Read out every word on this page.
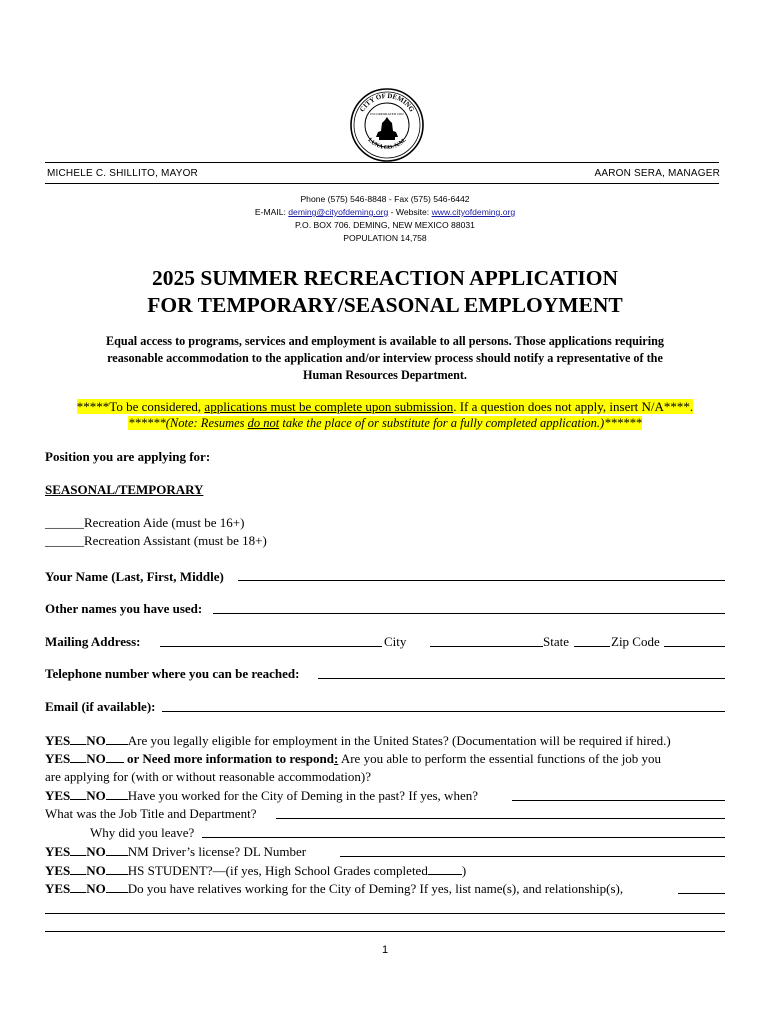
CITY OF DEMING
LUNA CO. N.M.
INCORPORATED 1902
MICHELE C. SHILLITO, MAYOR	AARON SERA, MANAGER
Phone (575) 546-8848 - Fax (575) 546-6442
E-MAIL: deming@cityofdeming.org - Website: www.cityofdeming.org
P.O. BOX 706. DEMING, NEW MEXICO 88031
POPULATION 14,758
2025 SUMMER RECREACTION APPLICATION
FOR TEMPORARY/SEASONAL EMPLOYMENT
Equal access to programs, services and employment is available to all persons. Those applications requiring
reasonable accommodation to the application and/or interview process should notify a representative of the
Human Resources Department.
*****To be considered, applications must be complete upon submission. If a question does not apply, insert N/A****.
******(Note: Resumes do not take the place of or substitute for a fully completed application.)******
Position you are applying for:
SEASONAL/TEMPORARY
______Recreation Aide (must be 16+)
______Recreation Assistant (must be 18+)
Your Name (Last, First, Middle)
Other names you have used:
Mailing Address:	City	State	Zip Code
Telephone number where you can be reached:
Email (if available):
YES NO Are you legally eligible for employment in the United States? (Documentation will be required if hired.)
YES NO or Need more information to respond: Are you able to perform the essential functions of the job you
are applying for (with or without reasonable accommodation)?
YES NO Have you worked for the City of Deming in the past? If yes, when?
What was the Job Title and Department?
Why did you leave?
YES NO NM Driver’s license? DL Number
YES NO HS STUDENT?—(if yes, High School Grades completed	)
YES NO Do you have relatives working for the City of Deming? If yes, list name(s), and relationship(s),
1
